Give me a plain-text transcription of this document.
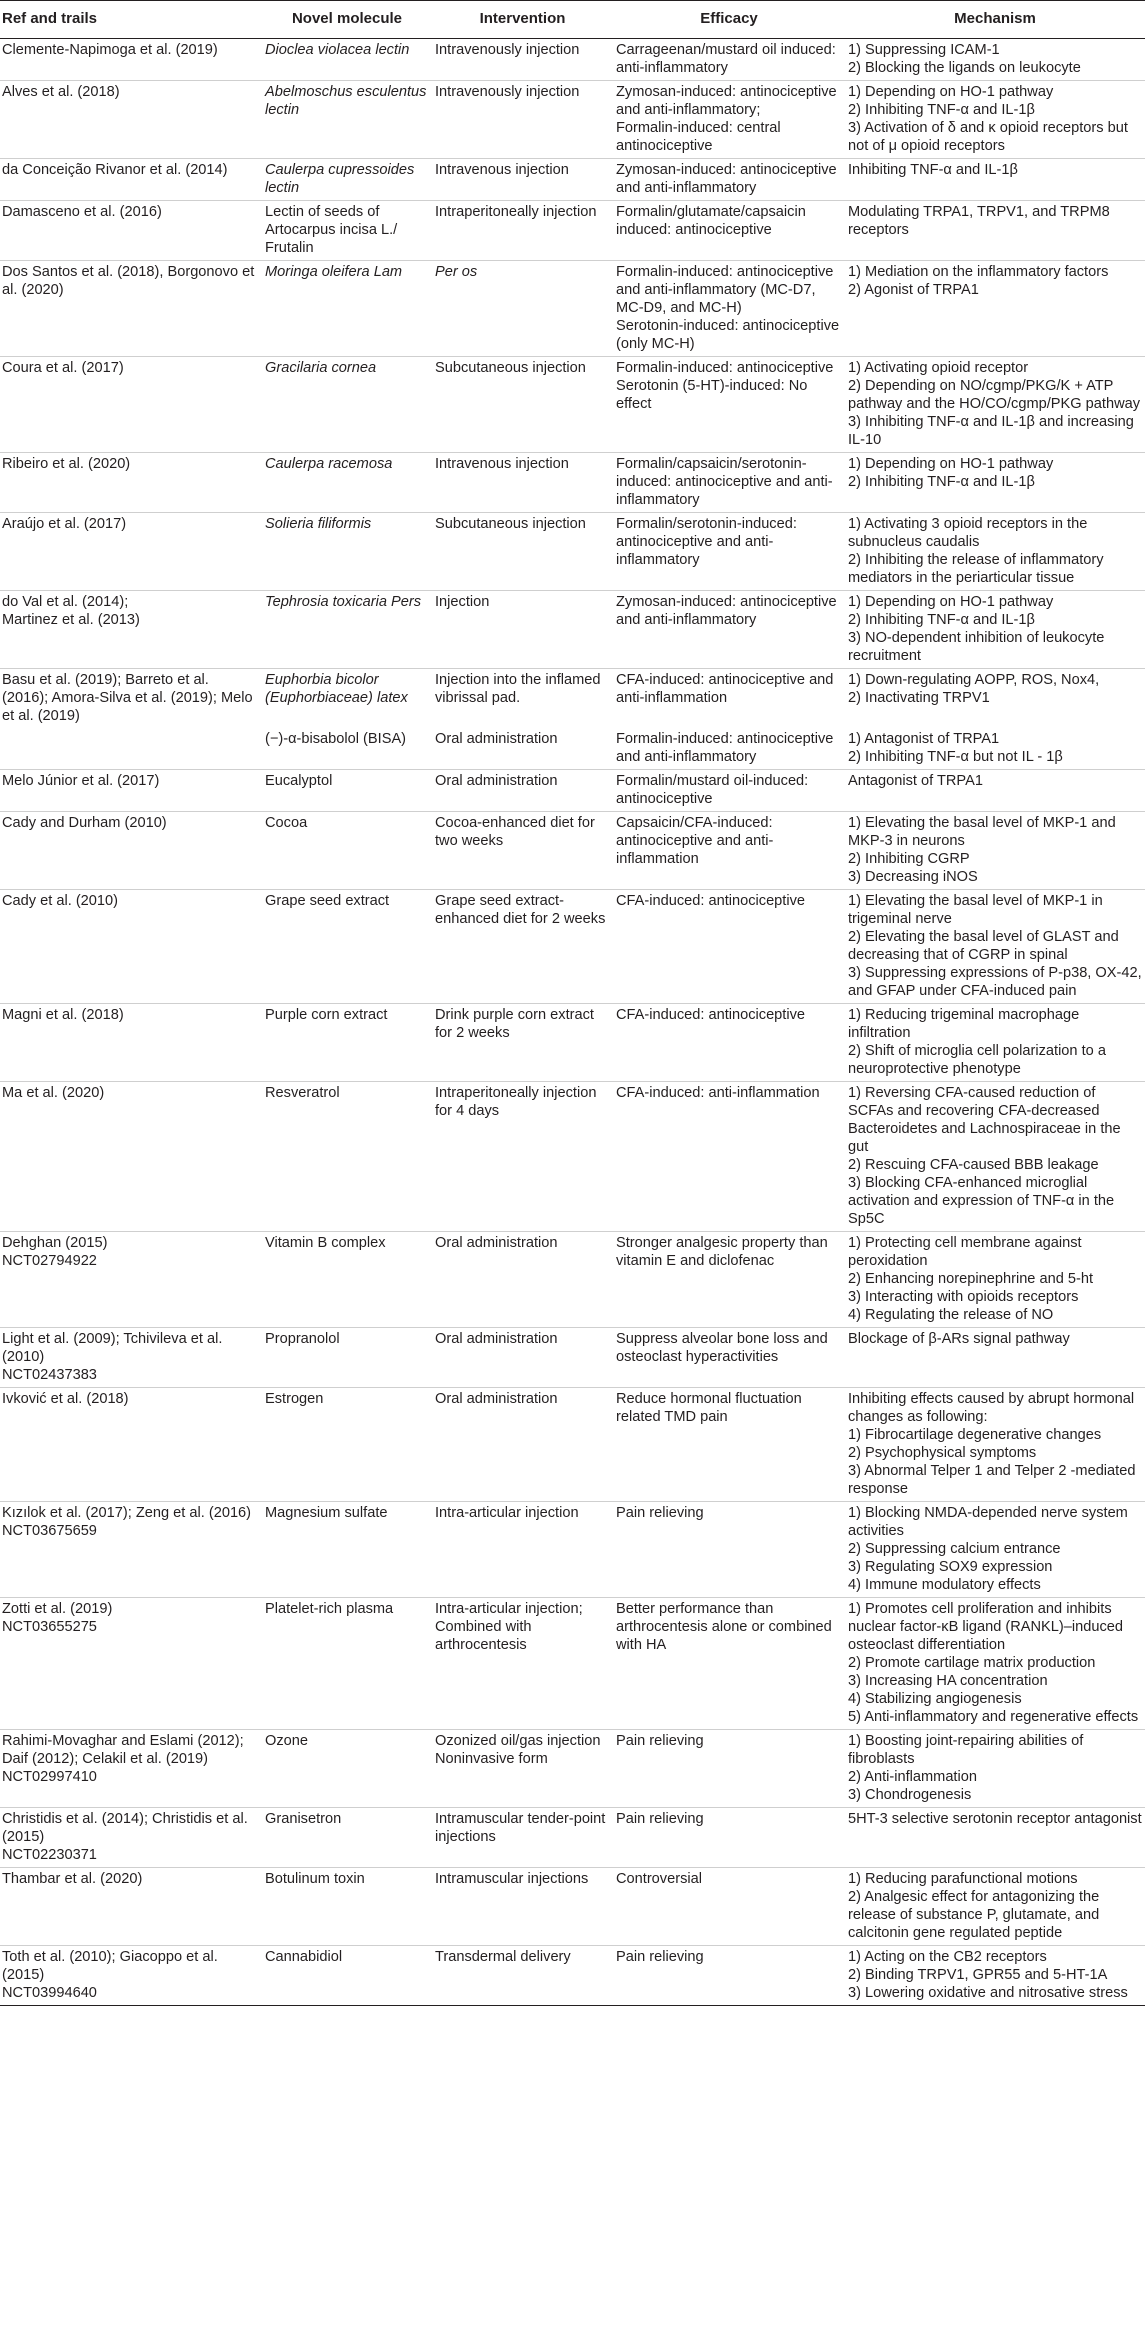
Ref and trails	Novel molecule	Intervention	Efficacy	Mechanism

Clemente-Napimoga et al. (2019)	Dioclea violacea lectin	Intravenously injection	Carrageenan/mustard oil induced: anti-inflammatory	1) Suppressing ICAM-1
2) Blocking the ligands on leukocyte

Alves et al. (2018)	Abelmoschus esculentus lectin	Intravenously injection	Zymosan-induced: antinociceptive and anti-inflammatory;
Formalin-induced: central antinociceptive	1) Depending on HO-1 pathway
2) Inhibiting TNF-α and IL-1β
3) Activation of δ and κ opioid receptors but not of μ opioid receptors

da Conceição Rivanor et al. (2014)	Caulerpa cupressoides lectin	Intravenous injection	Zymosan-induced: antinociceptive and anti-inflammatory	Inhibiting TNF-α and IL-1β

Damasceno et al. (2016)	Lectin of seeds of Artocarpus incisa L./ Frutalin	Intraperitoneally injection	Formalin/glutamate/capsaicin induced: antinociceptive	Modulating TRPA1, TRPV1, and TRPM8 receptors

Dos Santos et al. (2018), Borgonovo et al. (2020)	Moringa oleifera Lam	Per os	Formalin-induced: antinociceptive and anti-inflammatory (MC-D7, MC-D9, and MC-H)
Serotonin-induced: antinociceptive (only MC-H)	1) Mediation on the inflammatory factors
2) Agonist of TRPA1

Coura et al. (2017)	Gracilaria cornea	Subcutaneous injection	Formalin-induced: antinociceptive
Serotonin (5-HT)-induced: No effect	1) Activating opioid receptor
2) Depending on NO/cgmp/PKG/K + ATP pathway and the HO/CO/cgmp/PKG pathway
3) Inhibiting TNF-α and IL-1β and increasing IL-10

Ribeiro et al. (2020)	Caulerpa racemosa	Intravenous injection	Formalin/capsaicin/serotonin-induced: antinociceptive and anti-inflammatory	1) Depending on HO-1 pathway
2) Inhibiting TNF-α and IL-1β

Araújo et al. (2017)	Solieria filiformis	Subcutaneous injection	Formalin/serotonin-induced: antinociceptive and anti-inflammatory	1) Activating 3 opioid receptors in the subnucleus caudalis
2) Inhibiting the release of inflammatory mediators in the periarticular tissue

do Val et al. (2014);
Martinez et al. (2013)	Tephrosia toxicaria Pers	Injection	Zymosan-induced: antinociceptive and anti-inflammatory	1) Depending on HO-1 pathway
2) Inhibiting TNF-α and IL-1β
3) NO-dependent inhibition of leukocyte recruitment

Basu et al. (2019); Barreto et al. (2016); Amora-Silva et al. (2019); Melo et al. (2019)	Euphorbia bicolor (Euphorbiaceae) latex	Injection into the inflamed vibrissal pad.	CFA-induced: antinociceptive and anti-inflammation	1) Down-regulating AOPP, ROS, Nox4,
2) Inactivating TRPV1

	(−)-α-bisabolol (BISA)	Oral administration	Formalin-induced: antinociceptive and anti-inflammatory	1) Antagonist of TRPA1
2) Inhibiting TNF-α but not IL - 1β

Melo Júnior et al. (2017)	Eucalyptol	Oral administration	Formalin/mustard oil-induced: antinociceptive	Antagonist of TRPA1

Cady and Durham (2010)	Cocoa	Cocoa-enhanced diet for two weeks	Capsaicin/CFA-induced: antinociceptive and anti-inflammation	1) Elevating the basal level of MKP-1 and MKP-3 in neurons
2) Inhibiting CGRP
3) Decreasing iNOS

Cady et al. (2010)	Grape seed extract	Grape seed extract-enhanced diet for 2 weeks	CFA-induced: antinociceptive	1) Elevating the basal level of MKP-1 in trigeminal nerve
2) Elevating the basal level of GLAST and decreasing that of CGRP in spinal
3) Suppressing expressions of P-p38, OX-42, and GFAP under CFA-induced pain

Magni et al. (2018)	Purple corn extract	Drink purple corn extract for 2 weeks	CFA-induced: antinociceptive	1) Reducing trigeminal macrophage infiltration
2) Shift of microglia cell polarization to a neuroprotective phenotype

Ma et al. (2020)	Resveratrol	Intraperitoneally injection for 4 days	CFA-induced: anti-inflammation	1) Reversing CFA-caused reduction of SCFAs and recovering CFA-decreased Bacteroidetes and Lachnospiraceae in the gut
2) Rescuing CFA-caused BBB leakage
3) Blocking CFA-enhanced microglial activation and expression of TNF-α in the Sp5C

Dehghan (2015)
NCT02794922	Vitamin B complex	Oral administration	Stronger analgesic property than vitamin E and diclofenac	1) Protecting cell membrane against peroxidation
2) Enhancing norepinephrine and 5-ht
3) Interacting with opioids receptors
4) Regulating the release of NO

Light et al. (2009); Tchivileva et al. (2010)
NCT02437383	Propranolol	Oral administration	Suppress alveolar bone loss and osteoclast hyperactivities	Blockage of β-ARs signal pathway

Ivković et al. (2018)	Estrogen	Oral administration	Reduce hormonal fluctuation related TMD pain	Inhibiting effects caused by abrupt hormonal changes as following:
1) Fibrocartilage degenerative changes
2) Psychophysical symptoms
3) Abnormal Telper 1 and Telper 2 -mediated response

Kızılok et al. (2017); Zeng et al. (2016)
NCT03675659	Magnesium sulfate	Intra-articular injection	Pain relieving	1) Blocking NMDA-depended nerve system activities
2) Suppressing calcium entrance
3) Regulating SOX9 expression
4) Immune modulatory effects

Zotti et al. (2019)
NCT03655275	Platelet-rich plasma	Intra-articular injection;
Combined with arthrocentesis	Better performance than arthrocentesis alone or combined with HA	1) Promotes cell proliferation and inhibits nuclear factor-κB ligand (RANKL)–induced osteoclast differentiation
2) Promote cartilage matrix production
3) Increasing HA concentration
4) Stabilizing angiogenesis
5) Anti-inflammatory and regenerative effects

Rahimi-Movaghar and Eslami (2012); Daif (2012); Celakil et al. (2019)
NCT02997410	Ozone	Ozonized oil/gas injection
Noninvasive form	Pain relieving	1) Boosting joint-repairing abilities of fibroblasts
2) Anti-inflammation
3) Chondrogenesis

Christidis et al. (2014); Christidis et al. (2015)
NCT02230371	Granisetron	Intramuscular tender-point injections	Pain relieving	5HT-3 selective serotonin receptor antagonist

Thambar et al. (2020)	Botulinum toxin	Intramuscular injections	Controversial	1) Reducing parafunctional motions
2) Analgesic effect for antagonizing the release of substance P, glutamate, and calcitonin gene regulated peptide

Toth et al. (2010); Giacoppo et al. (2015)
NCT03994640	Cannabidiol	Transdermal delivery	Pain relieving	1) Acting on the CB2 receptors
2) Binding TRPV1, GPR55 and 5-HT-1A
3) Lowering oxidative and nitrosative stress
